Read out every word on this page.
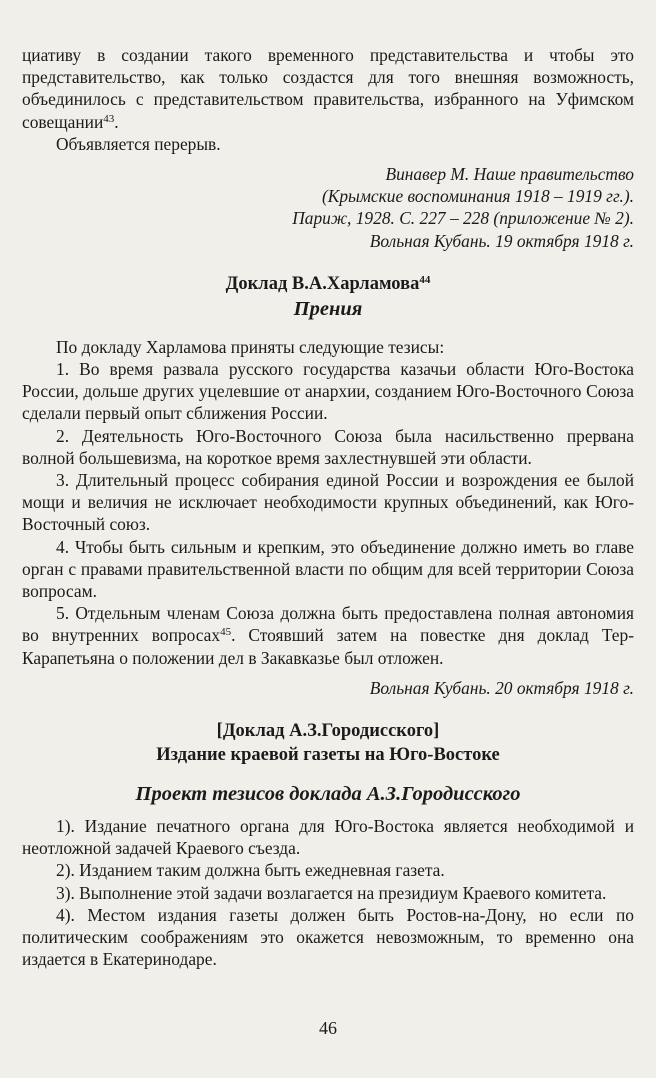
циативу в создании такого временного представительства и чтобы это представительство, как только создастся для того внешняя возможность, объединилось с представительством правительства, избранного на Уфимском совещании$^{43}$.

Объявляется перерыв.

Винавер М. Наше правительство
(Крымские воспоминания 1918 – 1919 гг.).
Париж, 1928. С. 227 – 228 (приложение № 2).
Вольная Кубань. 19 октября 1918 г.
Доклад В.А.Харламова$^{44}$
Прения

По докладу Харламова приняты следующие тезисы:

1. Во время развала русского государства казачьи области Юго-Востока России, дольше других уцелевшие от анархии, созданием Юго-Восточного Союза сделали первый опыт сближения России.

2. Деятельность Юго-Восточного Союза была насильственно прервана волной большевизма, на короткое время захлестнувшей эти области.

3. Длительный процесс собирания единой России и возрождения ее былой мощи и величия не исключает необходимости крупных объединений, как Юго-Восточный союз.

4. Чтобы быть сильным и крепким, это объединение должно иметь во главе орган с правами правительственной власти по общим для всей территории Союза вопросам.

5. Отдельным членам Союза должна быть предоставлена полная автономия во внутренних вопросах$^{45}$. Стоявший затем на повестке дня доклад Тер-Карапетьяна о положении дел в Закавказье был отложен.

Вольная Кубань. 20 октября 1918 г.
[Доклад А.З.Городисского]
Издание краевой газеты на Юго-Востоке
Проект тезисов доклада А.З.Городисского

1). Издание печатного органа для Юго-Востока является необходимой и неотложной задачей Краевого съезда.

2). Изданием таким должна быть ежедневная газета.

3). Выполнение этой задачи возлагается на президиум Краевого комитета.

4). Местом издания газеты должен быть Ростов-на-Дону, но если по политическим соображениям это окажется невозможным, то временно она издается в Екатеринодаре.

46
